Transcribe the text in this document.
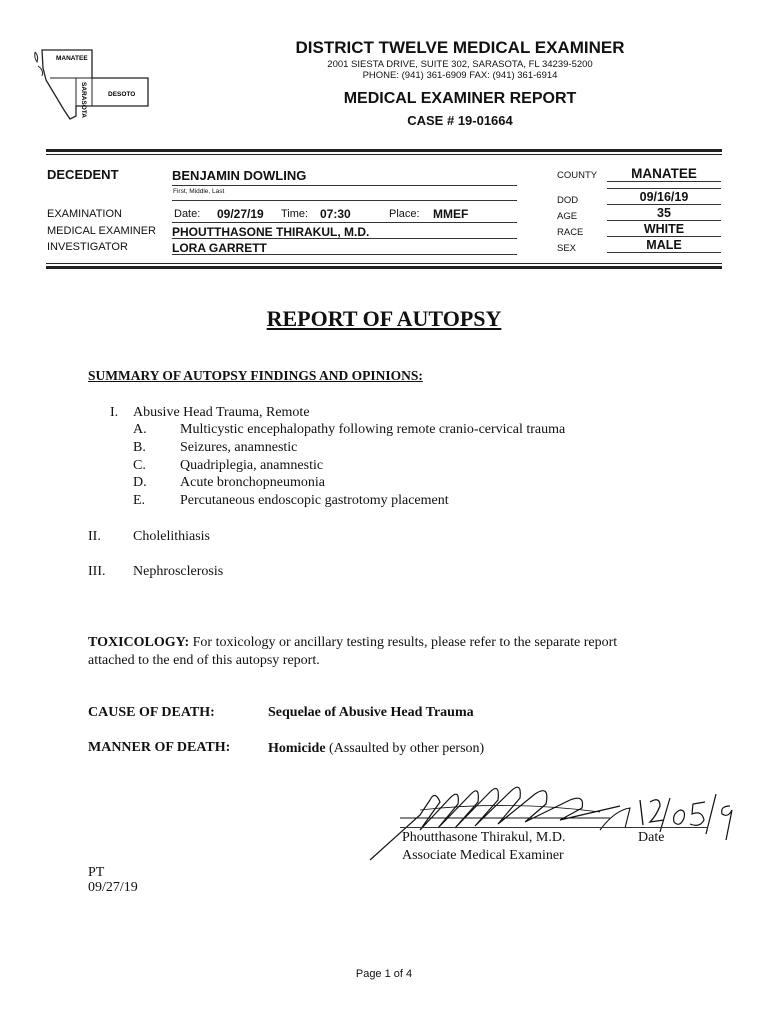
MANATEE
SARASOTA	DESOTO
DISTRICT TWELVE MEDICAL EXAMINER
2001 SIESTA DRIVE, SUITE 302, SARASOTA, FL 34239-5200
PHONE: (941) 361-6909 FAX: (941) 361-6914
MEDICAL EXAMINER REPORT
CASE # 19-01664
DECEDENT	BENJAMIN DOWLING
First, Middle, Last
EXAMINATION	Date: 09/27/19 Time: 07:30	Place: MMEF
MEDICAL EXAMINER PHOUTTHASONE THIRAKUL, M.D.
INVESTIGATOR	LORA GARRETT
COUNTY	MANATEE
DOD	09/16/19
AGE	35
RACE	WHITE
SEX	MALE
REPORT OF AUTOPSY
SUMMARY OF AUTOPSY FINDINGS AND OPINIONS:
I. Abusive Head Trauma, Remote
A. Multicystic encephalopathy following remote cranio-cervical trauma
B. Seizures, anamnestic
C. Quadriplegia, anamnestic
D. Acute bronchopneumonia
E. Percutaneous endoscopic gastrotomy placement
II. Cholelithiasis
III. Nephrosclerosis
TOXICOLOGY: For toxicology or ancillary testing results, please refer to the separate report
attached to the end of this autopsy report.
CAUSE OF DEATH:	Sequelae of Abusive Head Trauma
MANNER OF DEATH:	Homicide (Assaulted by other person)
Phoutthasone Thirakul, M.D.
Associate Medical Examiner
Date
PT
09/27/19
Page 1 of 4
